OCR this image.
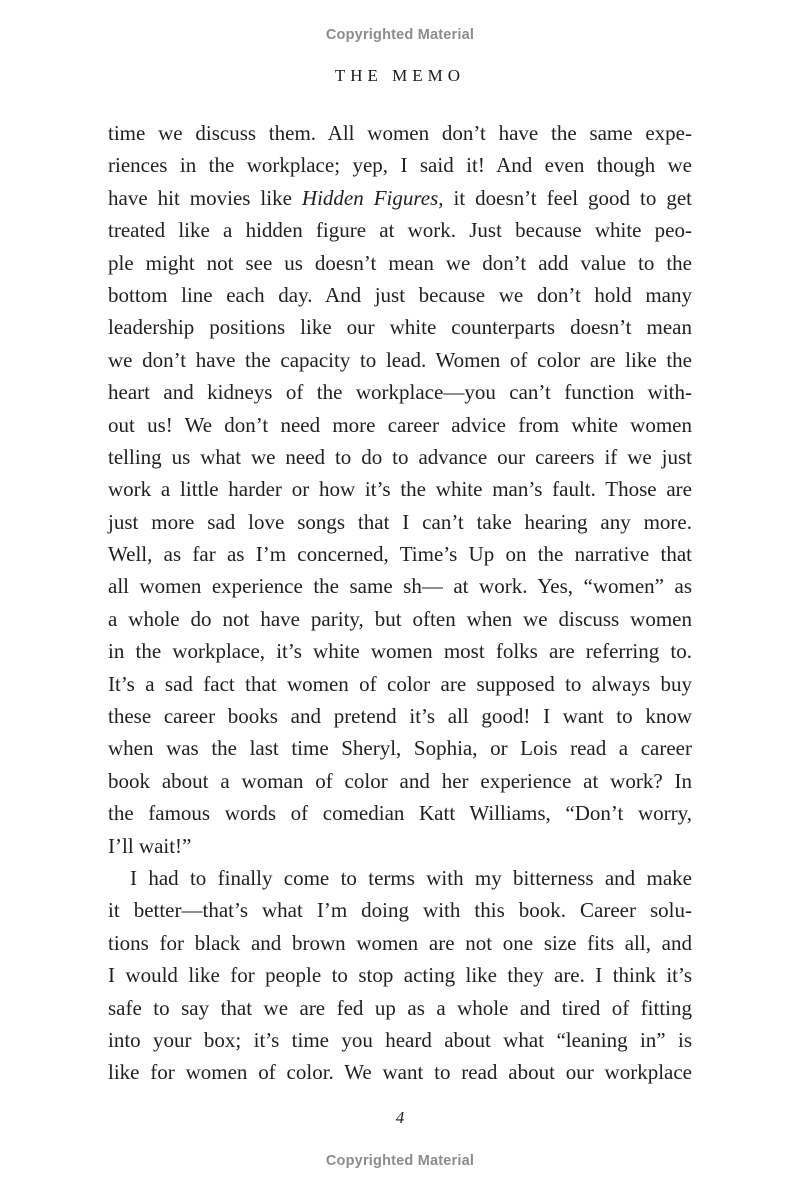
Copyrighted Material
THE MEMO
time we discuss them. All women don’t have the same expe-
riences in the workplace; yep, I said it! And even though we
have hit movies like Hidden Figures, it doesn’t feel good to get
treated like a hidden figure at work. Just because white peo-
ple might not see us doesn’t mean we don’t add value to the
bottom line each day. And just because we don’t hold many
leadership positions like our white counterparts doesn’t mean
we don’t have the capacity to lead. Women of color are like the
heart and kidneys of the workplace—you can’t function with-
out us! We don’t need more career advice from white women
telling us what we need to do to advance our careers if we just
work a little harder or how it’s the white man’s fault. Those are
just more sad love songs that I can’t take hearing any more.
Well, as far as I’m concerned, Time’s Up on the narrative that
all women experience the same sh— at work. Yes, “women” as
a whole do not have parity, but often when we discuss women
in the workplace, it’s white women most folks are referring to.
It’s a sad fact that women of color are supposed to always buy
these career books and pretend it’s all good! I want to know
when was the last time Sheryl, Sophia, or Lois read a career
book about a woman of color and her experience at work? In
the famous words of comedian Katt Williams, “Don’t worry,
I’ll wait!”
I had to finally come to terms with my bitterness and make
it better—that’s what I’m doing with this book. Career solu-
tions for black and brown women are not one size fits all, and
I would like for people to stop acting like they are. I think it’s
safe to say that we are fed up as a whole and tired of fitting
into your box; it’s time you heard about what “leaning in” is
like for women of color. We want to read about our workplace
4
Copyrighted Material
